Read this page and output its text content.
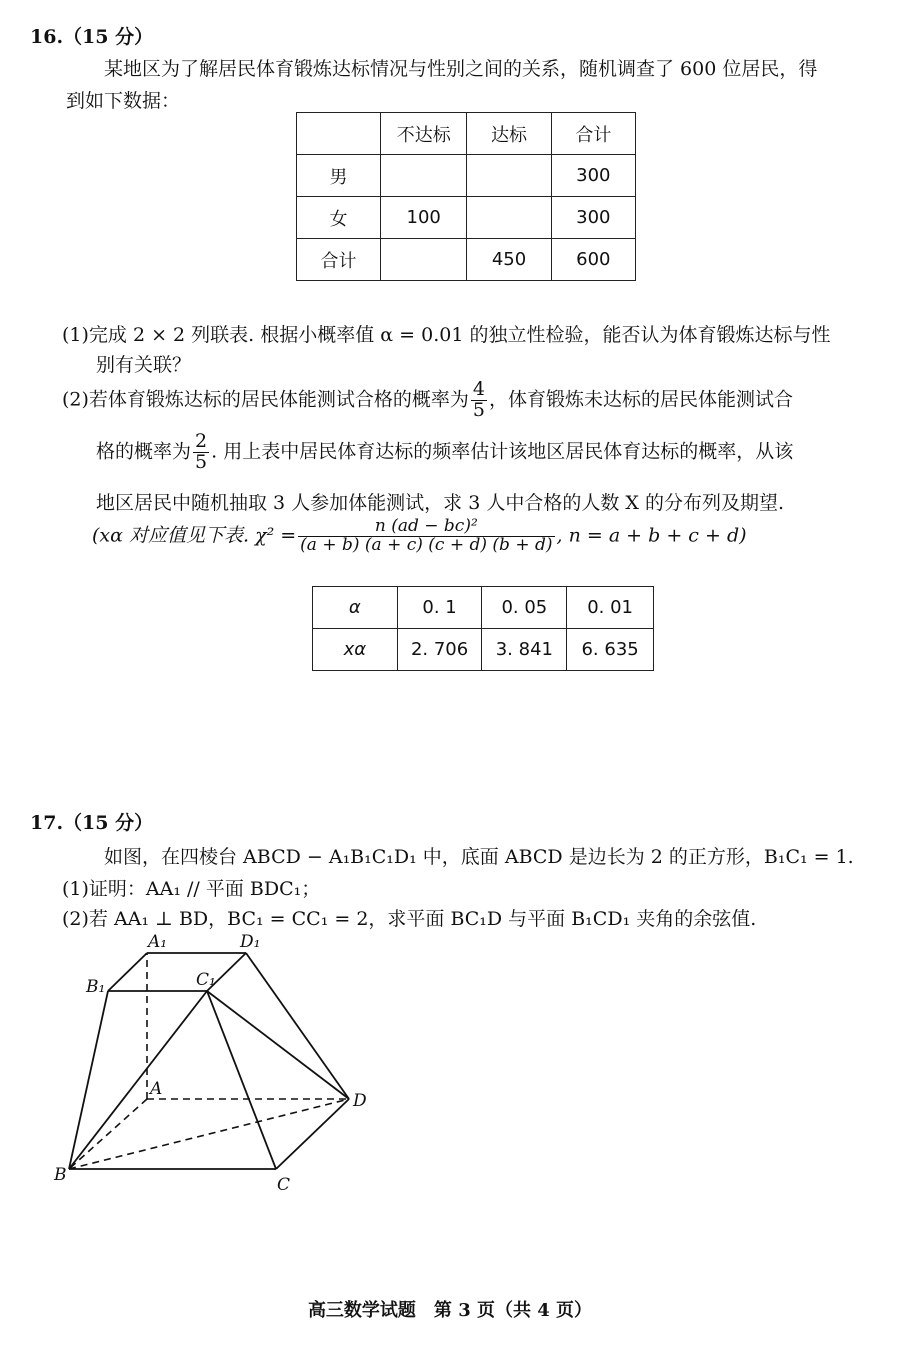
16.（15 分）
某地区为了解居民体育锻炼达标情况与性别之间的关系，随机调查了 600 位居民，得
到如下数据：
	不达标	达标	合计
男			300
女	100		300
合计		450	600
(1)完成 2 × 2 列联表. 根据小概率值 α = 0.01 的独立性检验，能否认为体育锻炼达标与性
别有关联？
(2)若体育锻炼达标的居民体能测试合格的概率为 $\frac{4}{5}$ ，体育锻炼未达标的居民体能测试合
格的概率为 $\frac{2}{5}$ . 用上表中居民体育达标的频率估计该地区居民体育达标的概率，从该
地区居民中随机抽取 3 人参加体能测试，求 3 人中合格的人数 X 的分布列及期望.
(xα 对应值见下表. $\chi^2 = \frac{\text{n (ad − bc)²}}{(a + b) (a + c) (c + d) (b + d)}$ , n = a + b + c + d)
α	0. 1	0. 05	0. 01
xα	2. 706	3. 841	6. 635
17.（15 分）
如图，在四棱台 ABCD − A₁B₁C₁D₁ 中，底面 ABCD 是边长为 2 的正方形，B₁C₁ = 1.
(1)证明：AA₁ // 平面 BDC₁；
(2)若 AA₁ ⊥ BD，BC₁ = CC₁ = 2，求平面 BC₁D 与平面 B₁CD₁ 夹角的余弦值.
A₁	D₁
B₁	C₁
A
D
B	C
高三数学试题　第 3 页（共 4 页）
